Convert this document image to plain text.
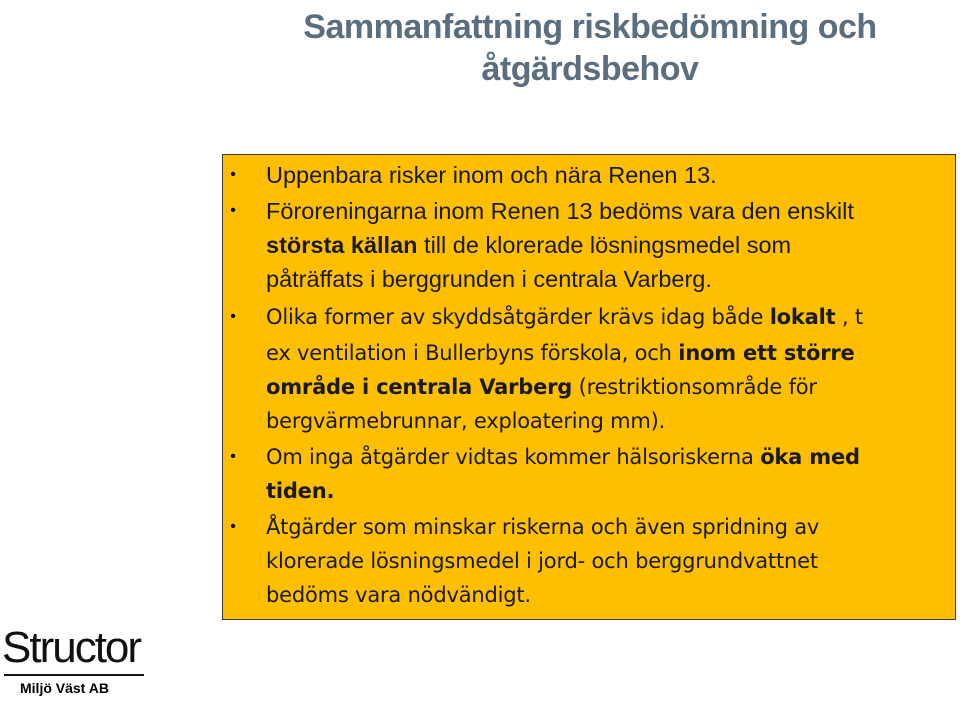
Sammanfattning riskbedömning och
åtgärdsbehov
• Uppenbara risker inom och nära Renen 13.
• Föroreningarna inom Renen 13 bedöms vara den enskilt
största källan till de klorerade lösningsmedel som
påträffats i berggrunden i centrala Varberg.
• Olika former av skyddsåtgärder krävs idag både lokalt , t
ex ventilation i Bullerbyns förskola, och inom ett större
område i centrala Varberg (restriktionsområde för
bergvärmebrunnar, exploatering mm).
• Om inga åtgärder vidtas kommer hälsoriskerna öka med
tiden.
• Åtgärder som minskar riskerna och även spridning av
klorerade lösningsmedel i jord- och berggrundvattnet
bedöms vara nödvändigt.
Structor
Miljö Väst AB
